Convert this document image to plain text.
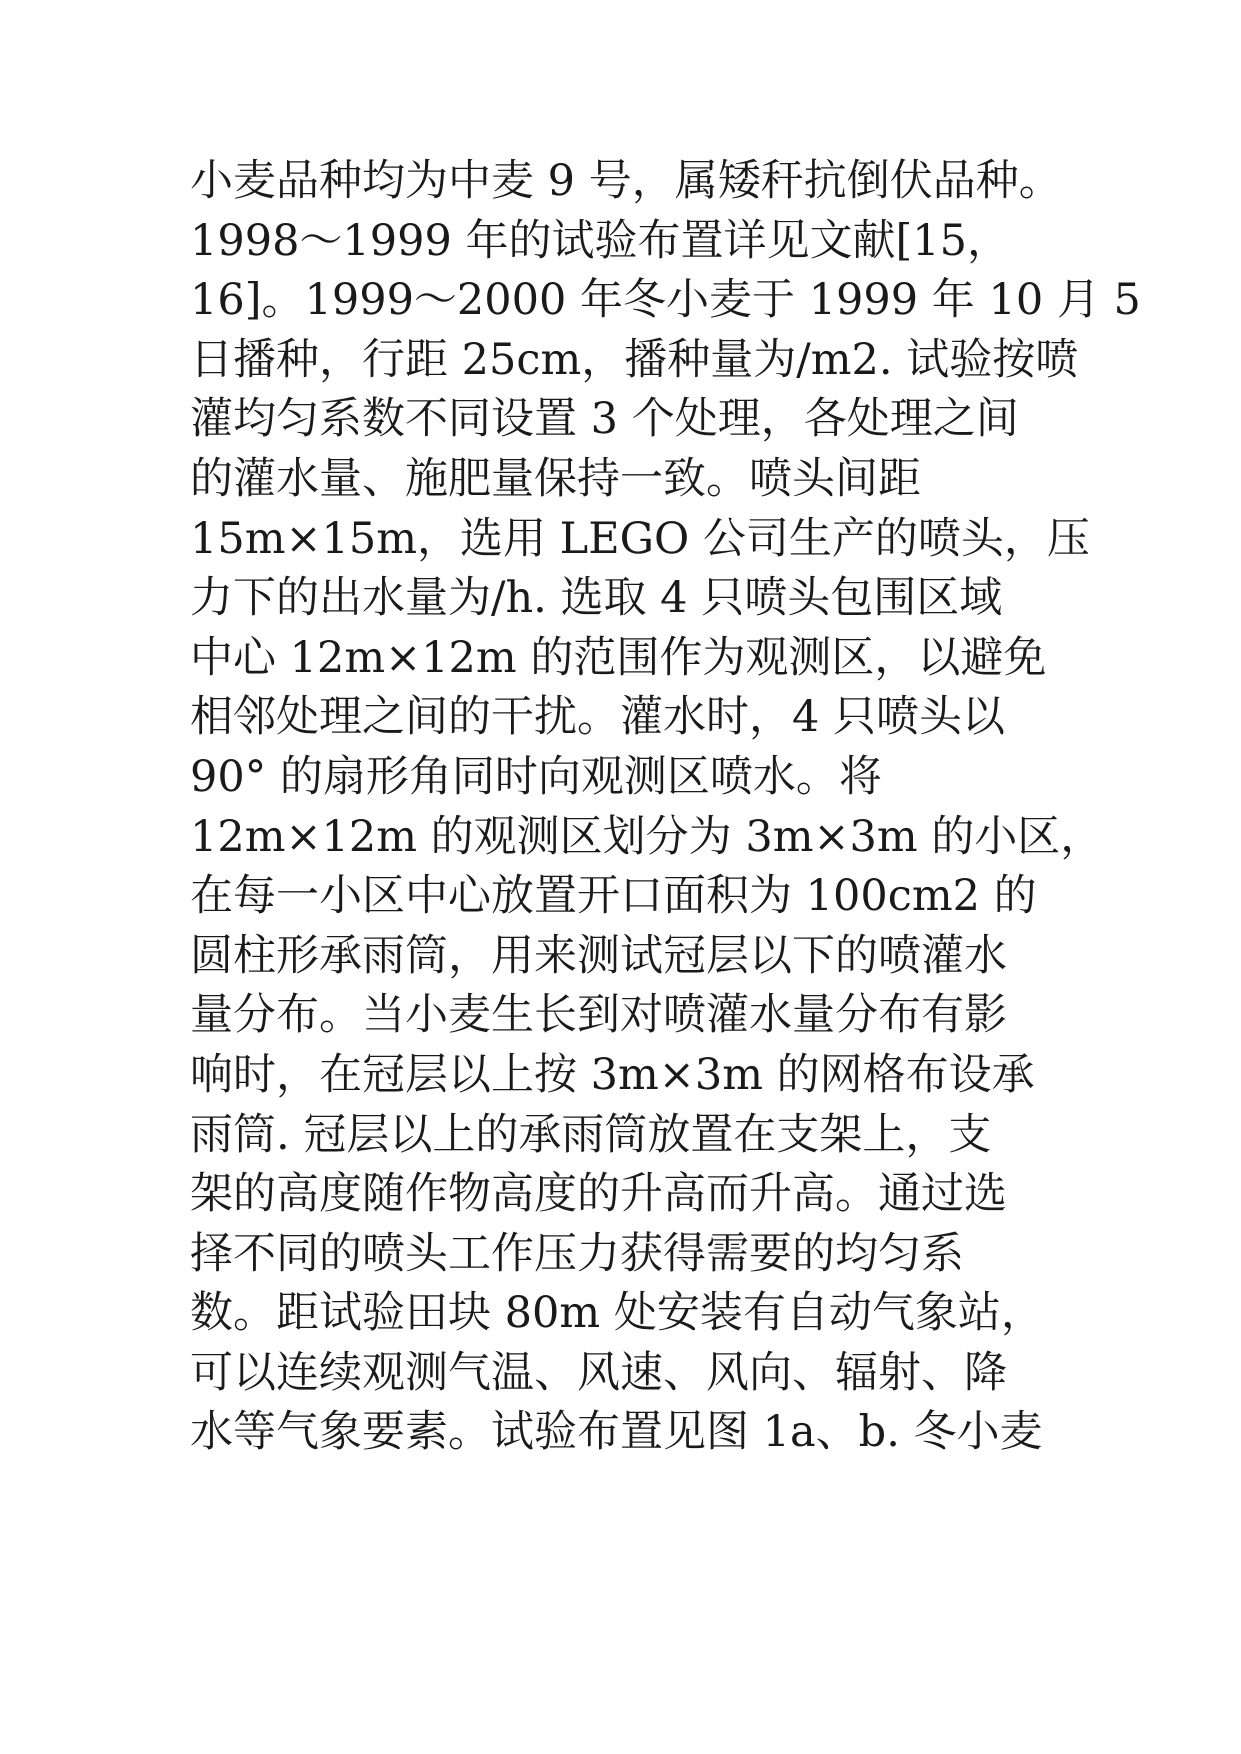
小麦品种均为中麦 9 号，属矮秆抗倒伏品种。
1998～1999 年的试验布置详见文献[15，
16]。1999～2000 年冬小麦于 1999 年 10 月 5
日播种，行距 25cm，播种量为/m2. 试验按喷
灌均匀系数不同设置 3 个处理，各处理之间
的灌水量、施肥量保持一致。喷头间距
15m×15m，选用 LEGO 公司生产的喷头，压
力下的出水量为/h. 选取 4 只喷头包围区域
中心 12m×12m 的范围作为观测区，以避免
相邻处理之间的干扰。灌水时，4 只喷头以
90° 的扇形角同时向观测区喷水。将
12m×12m 的观测区划分为 3m×3m 的小区，
在每一小区中心放置开口面积为 100cm2 的
圆柱形承雨筒，用来测试冠层以下的喷灌水
量分布。当小麦生长到对喷灌水量分布有影
响时，在冠层以上按 3m×3m 的网格布设承
雨筒. 冠层以上的承雨筒放置在支架上，支
架的高度随作物高度的升高而升高。通过选
择不同的喷头工作压力获得需要的均匀系
数。距试验田块 80m 处安装有自动气象站，
可以连续观测气温、风速、风向、辐射、降
水等气象要素。试验布置见图 1a、b. 冬小麦
